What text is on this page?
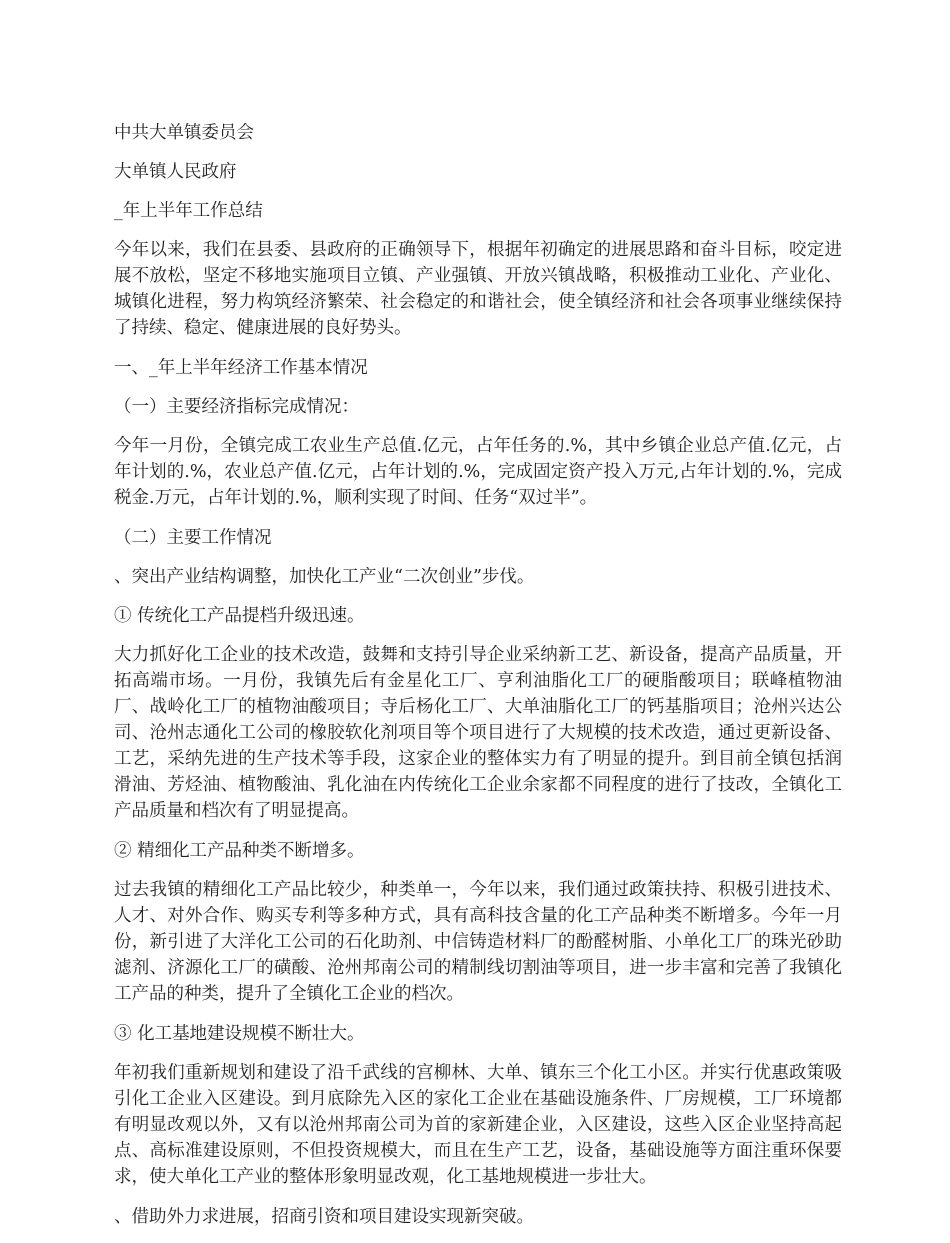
中共大单镇委员会

大单镇人民政府

_年上半年工作总结

今年以来，我们在县委、县政府的正确领导下，根据年初确定的进展思路和奋斗目标，咬定进展不放松，坚定不移地实施项目立镇、产业强镇、开放兴镇战略，积极推动工业化、产业化、城镇化进程，努力构筑经济繁荣、社会稳定的和谐社会，使全镇经济和社会各项事业继续保持了持续、稳定、健康进展的良好势头。

一、_年上半年经济工作基本情况

（一）主要经济指标完成情况：

今年一月份，全镇完成工农业生产总值.亿元，占年任务的.%，其中乡镇企业总产值.亿元，占年计划的.%，农业总产值.亿元，占年计划的.%，完成固定资产投入万元,占年计划的.%，完成税金.万元，占年计划的.%，顺利实现了时间、任务“双过半”。

（二）主要工作情况

、突出产业结构调整，加快化工产业“二次创业”步伐。

① 传统化工产品提档升级迅速。

大力抓好化工企业的技术改造，鼓舞和支持引导企业采纳新工艺、新设备，提高产品质量，开拓高端市场。一月份，我镇先后有金星化工厂、亨利油脂化工厂的硬脂酸项目；联峰植物油厂、战岭化工厂的植物油酸项目；寺后杨化工厂、大单油脂化工厂的钙基脂项目；沧州兴达公司、沧州志通化工公司的橡胶软化剂项目等个项目进行了大规模的技术改造，通过更新设备、工艺，采纳先进的生产技术等手段，这家企业的整体实力有了明显的提升。到目前全镇包括润滑油、芳烃油、植物酸油、乳化油在内传统化工企业余家都不同程度的进行了技改，全镇化工产品质量和档次有了明显提高。

② 精细化工产品种类不断增多。

过去我镇的精细化工产品比较少，种类单一，今年以来，我们通过政策扶持、积极引进技术、人才、对外合作、购买专利等多种方式，具有高科技含量的化工产品种类不断增多。今年一月份，新引进了大洋化工公司的石化助剂、中信铸造材料厂的酚醛树脂、小单化工厂的珠光砂助滤剂、济源化工厂的磺酸、沧州邦南公司的精制线切割油等项目，进一步丰富和完善了我镇化工产品的种类，提升了全镇化工企业的档次。

③ 化工基地建设规模不断壮大。

年初我们重新规划和建设了沿千武线的宫柳林、大单、镇东三个化工小区。并实行优惠政策吸引化工企业入区建设。到月底除先入区的家化工企业在基础设施条件、厂房规模，工厂环境都有明显改观以外，又有以沧州邦南公司为首的家新建企业，入区建设，这些入区企业坚持高起点、高标准建设原则，不但投资规模大，而且在生产工艺，设备，基础设施等方面注重环保要求，使大单化工产业的整体形象明显改观，化工基地规模进一步壮大。

、借助外力求进展，招商引资和项目建设实现新突破。
